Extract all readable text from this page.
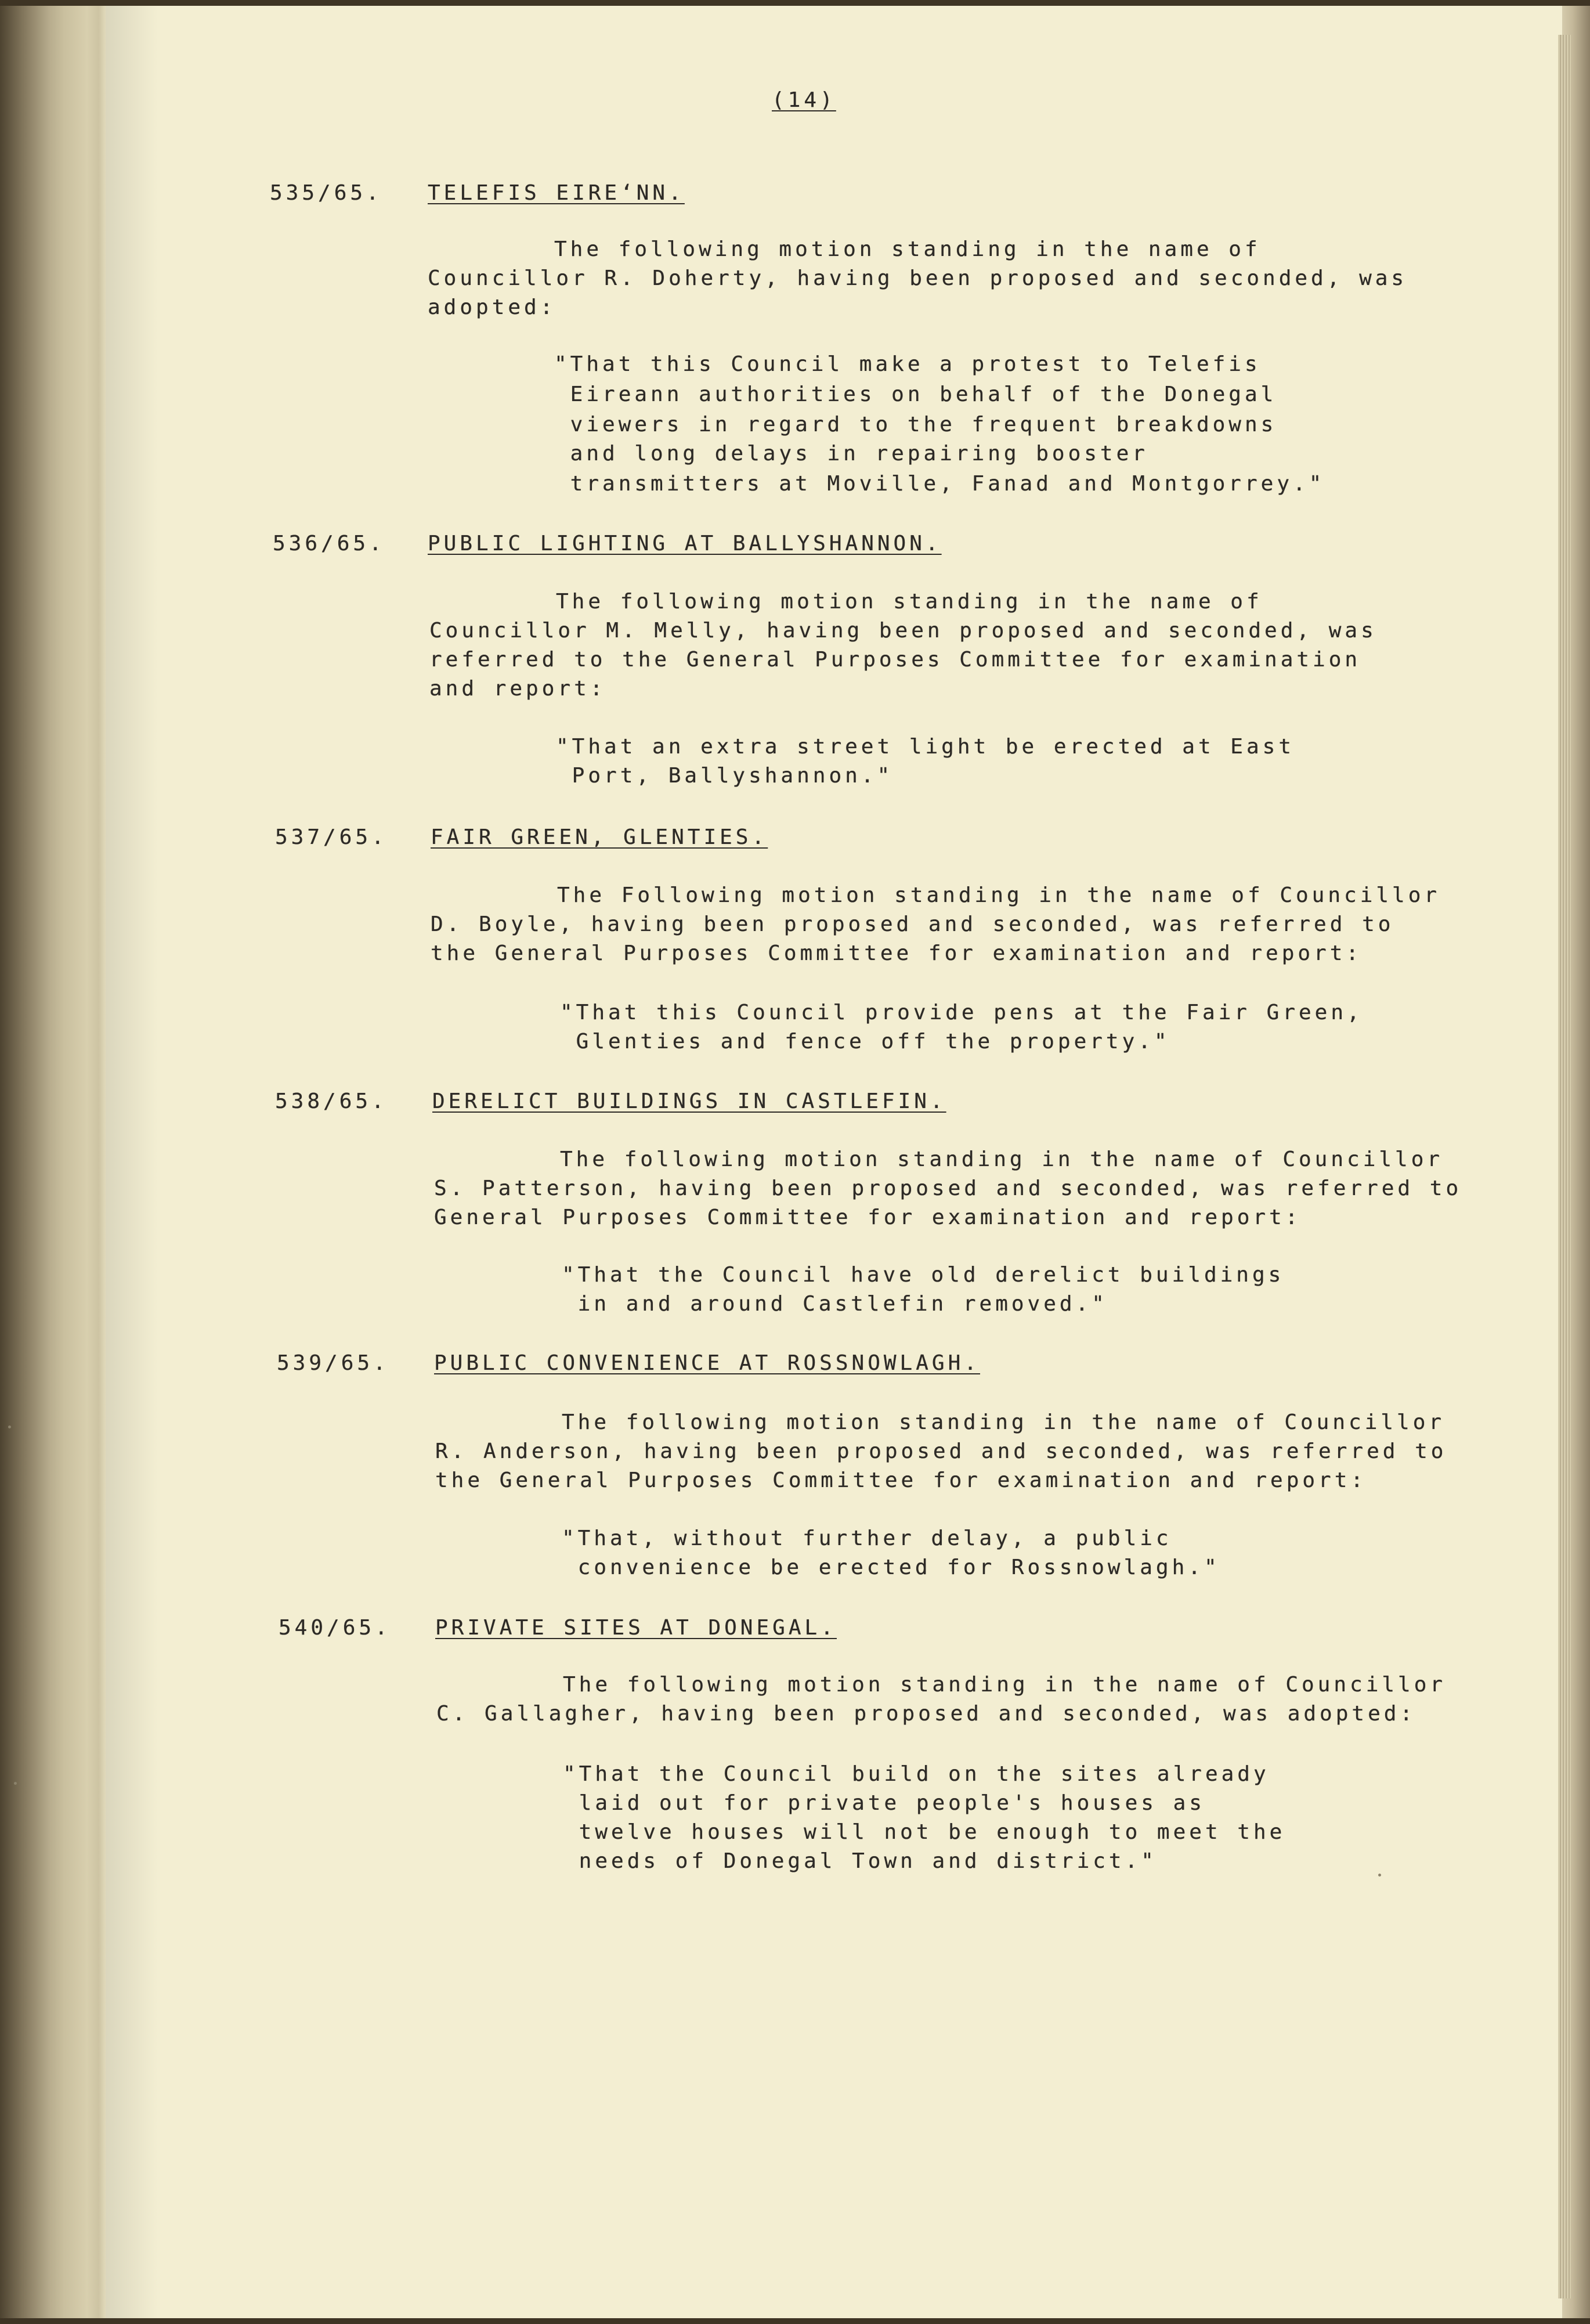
(14)

535/65. TELEFIS EIREʻNN.

The following motion standing in the name of

Councillor R. Doherty, having been proposed and seconded, was

adopted:

"That this Council make a protest to Telefis

Eireann authorities on behalf of the Donegal

viewers in regard to the frequent breakdowns

and long delays in repairing booster

transmitters at Moville, Fanad and Montgorrey."

536/65. PUBLIC LIGHTING AT BALLYSHANNON.

The following motion standing in the name of

Councillor M. Melly, having been proposed and seconded, was

referred to the General Purposes Committee for examination

and report:

"That an extra street light be erected at East

Port, Ballyshannon."

537/65. FAIR GREEN, GLENTIES.

The Following motion standing in the name of Councillor

D. Boyle, having been proposed and seconded, was referred to

the General Purposes Committee for examination and report:

"That this Council provide pens at the Fair Green,

Glenties and fence off the property."

538/65. DERELICT BUILDINGS IN CASTLEFIN.

The following motion standing in the name of Councillor

S. Patterson, having been proposed and seconded, was referred to

General Purposes Committee for examination and report:

"That the Council have old derelict buildings

in and around Castlefin removed."

539/65. PUBLIC CONVENIENCE AT ROSSNOWLAGH.

The following motion standing in the name of Councillor

R. Anderson, having been proposed and seconded, was referred to

the General Purposes Committee for examination and report:

"That, without further delay, a public

convenience be erected for Rossnowlagh."

540/65. PRIVATE SITES AT DONEGAL.

The following motion standing in the name of Councillor

C. Gallagher, having been proposed and seconded, was adopted:

"That the Council build on the sites already

laid out for private people's houses as

twelve houses will not be enough to meet the

needs of Donegal Town and district."
